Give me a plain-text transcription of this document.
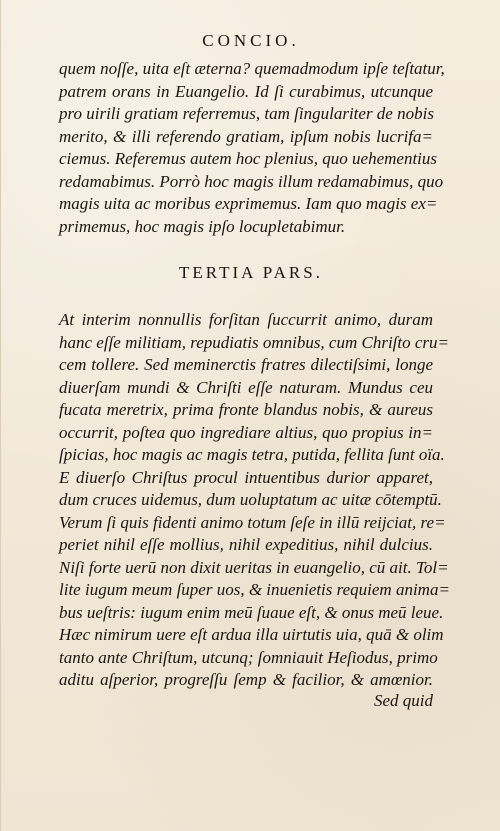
CONCIO.
quem noſſe, uita eſt æterna? quemadmodum ipſe teſtatur,
patrem orans in Euangelio. Id ſi curabimus, utcunque
pro uirili gratiam referremus, tam ſingulariter de nobis
merito, & illi referendo gratiam, ipſum nobis lucrifa=
ciemus. Referemus autem hoc plenius, quo uehementius
redamabimus. Porrò hoc magis illum redamabimus, quo
magis uita ac moribus exprimemus. Iam quo magis ex=
primemus, hoc magis ipſo locupletabimur.
TERTIA PARS.
At interim nonnullis forſitan ſuccurrit animo, duram
hanc eſſe militiam, repudiatis omnibus, cum Chriſto cru=
cem tollere. Sed meminerctis fratres dilectiſsimi, longe
diuerſam mundi & Chriſti eſſe naturam. Mundus ceu
fucata meretrix, prima fronte blandus nobis, & aureus
occurrit, poſtea quo ingrediare altius, quo propius in=
ſpicias, hoc magis ac magis tetra, putida, fellita ſunt oïa.
E diuerſo Chriſtus procul intuentibus durior apparet,
dum cruces uidemus, dum uoluptatum ac uitæ cōtemptū.
Verum ſi quis fidenti animo totum ſeſe in illū reijciat, re=
periet nihil eſſe mollius, nihil expeditius, nihil dulcius.
Niſi forte uerū non dixit ueritas in euangelio, cū ait. Tol=
lite iugum meum ſuper uos, & inuenietis requiem anima=
bus ueſtris: iugum enim meū ſuaue eſt, & onus meū leue.
Hæc nimirum uere eſt ardua illa uirtutis uia, quā & olim
tanto ante Chriſtum, utcunq; ſomniauit Heſiodus, primo
aditu aſperior, progreſſu ſemp & facilior, & amœnior.
Sed quid
